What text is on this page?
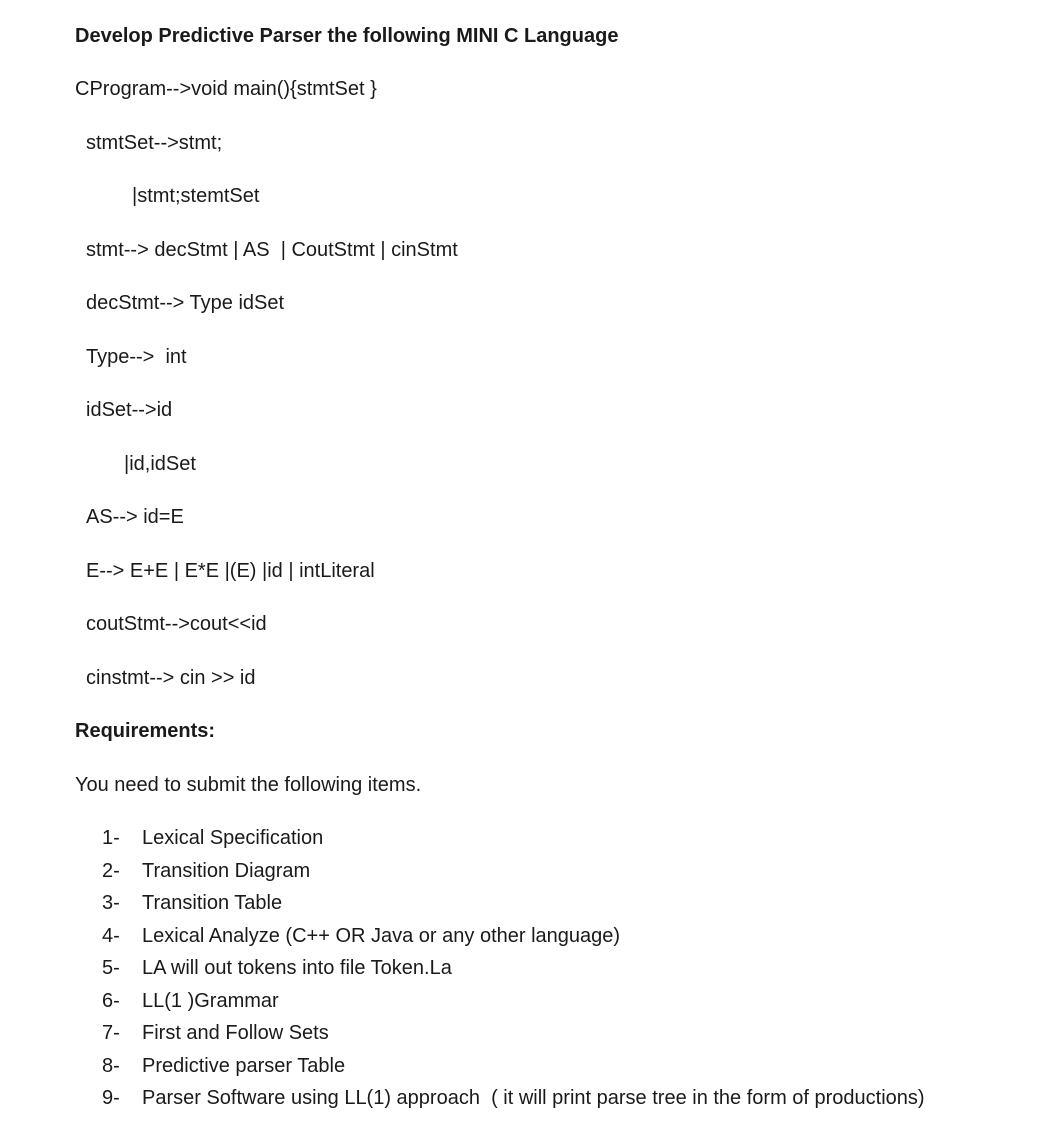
Develop Predictive Parser the following MINI C Language
CProgram-->void main(){stmtSet }
stmtSet-->stmt;
|stmt;stemtSet
stmt--> decStmt | AS  | CoutStmt | cinStmt
decStmt--> Type idSet
Type-->  int
idSet-->id
|id,idSet
AS--> id=E
E--> E+E | E*E |(E) |id | intLiteral
coutStmt-->cout<<id
cinstmt--> cin >> id
Requirements:
You need to submit the following items.
1-	Lexical Specification
2-	Transition Diagram
3-	Transition Table
4-	Lexical Analyze (C++ OR Java or any other language)
5-	LA will out tokens into file Token.La
6-	LL(1 )Grammar
7-	First and Follow Sets
8-	Predictive parser Table
9-	Parser Software using LL(1) approach  ( it will print parse tree in the form of productions)
